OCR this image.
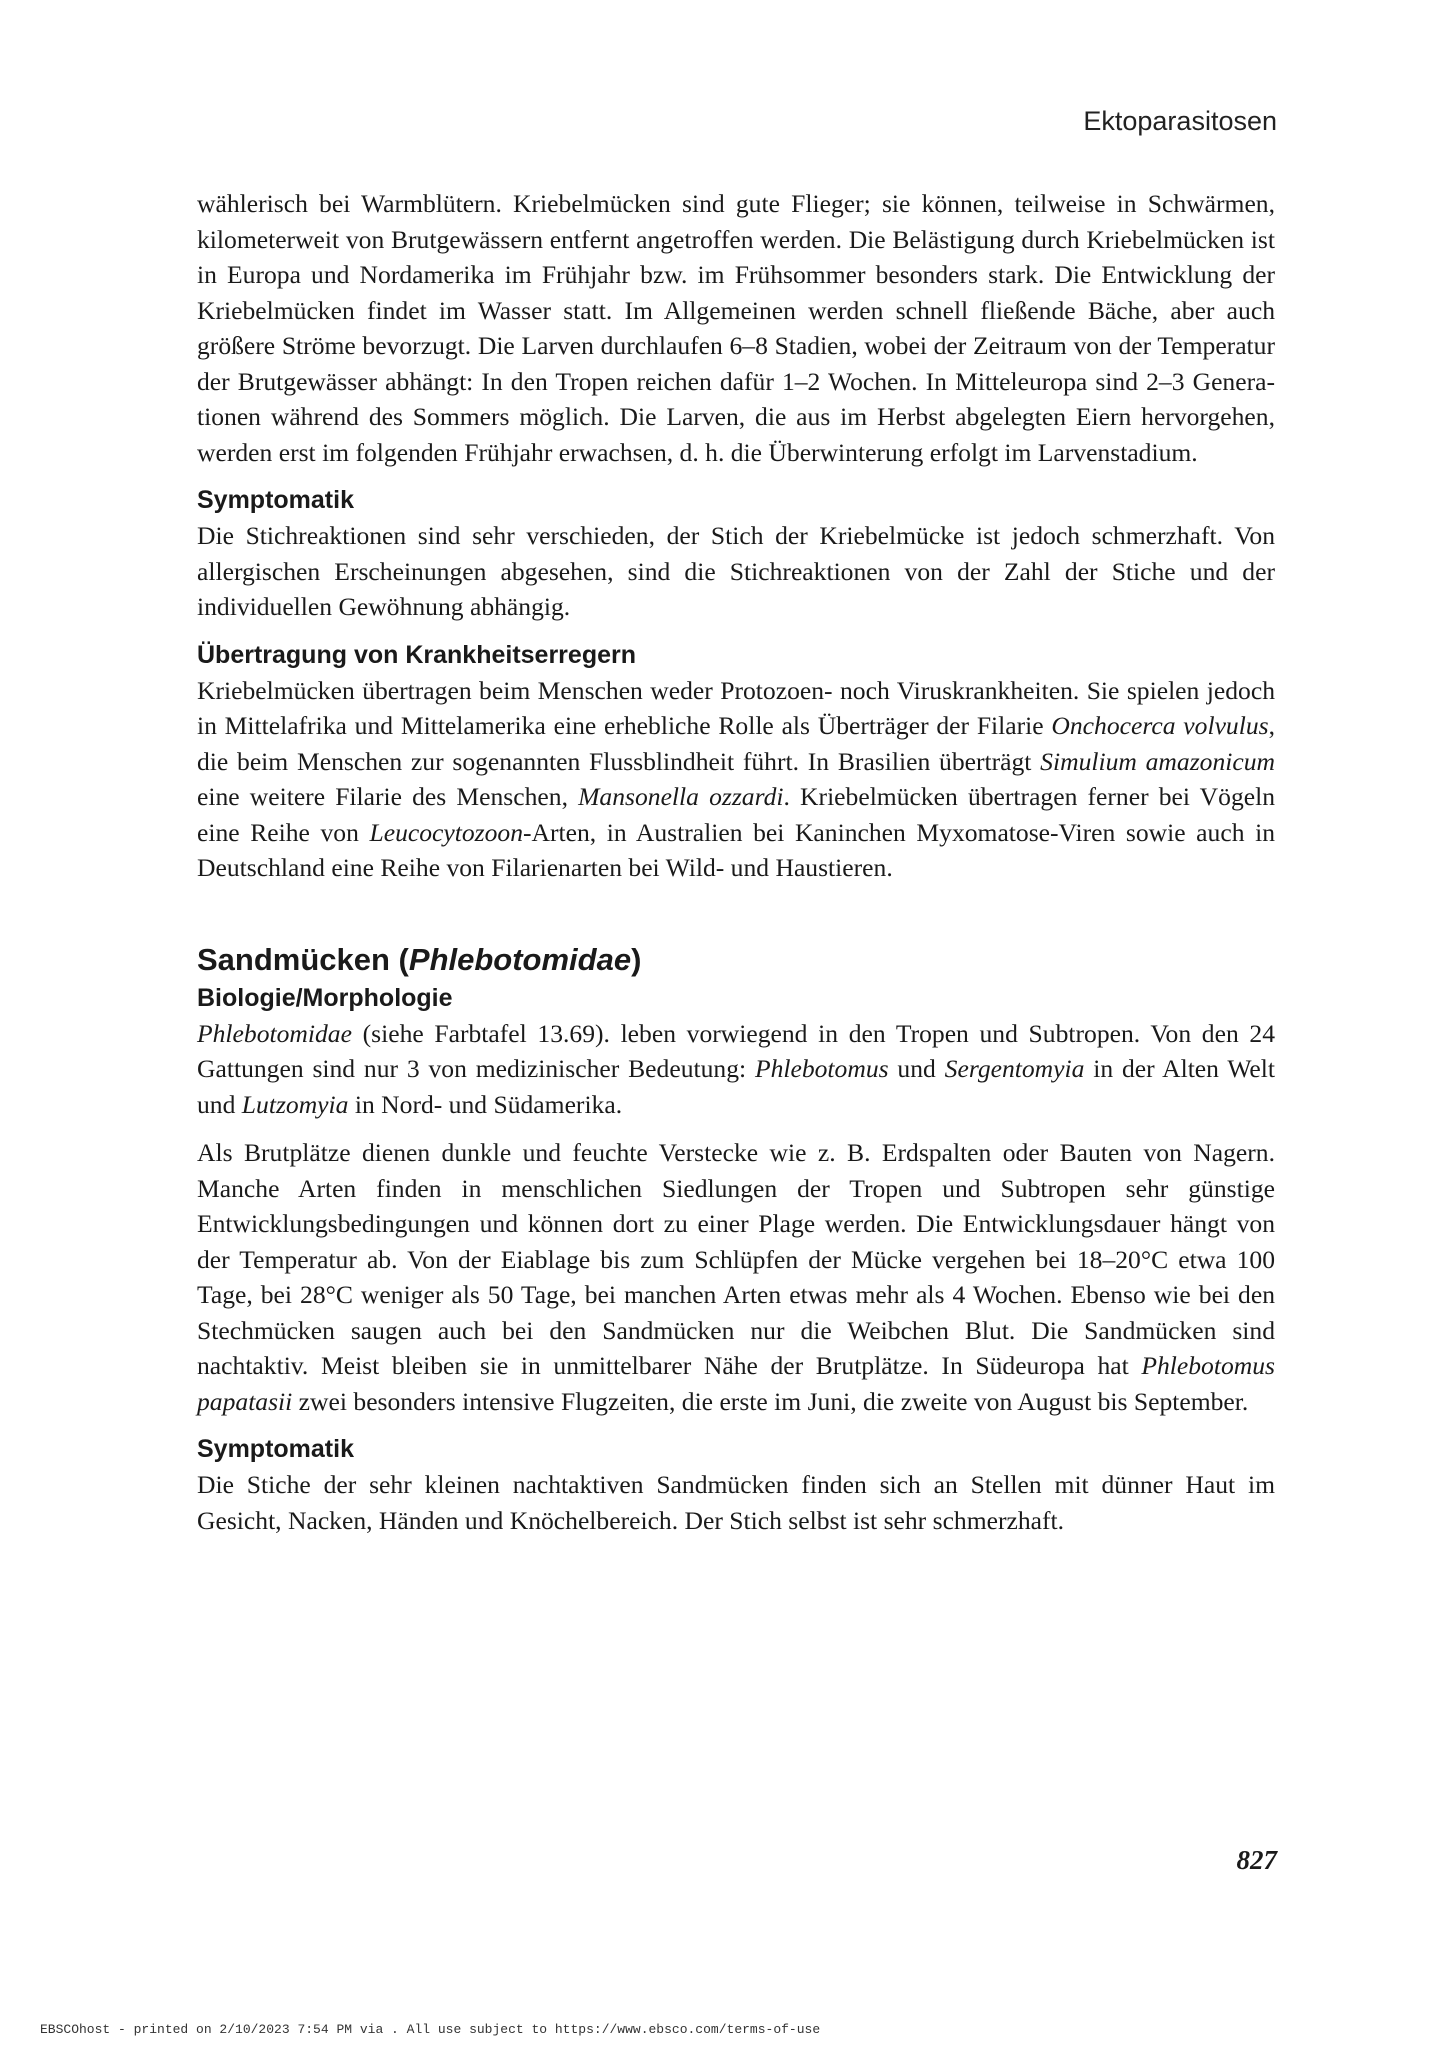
Ektoparasitosen

wählerisch bei Warmblütern. Kriebelmücken sind gute Flieger; sie können, teilweise in Schwärmen, kilometerweit von Brutgewässern entfernt angetroffen werden. Die Belästigung durch Kriebelmücken ist in Europa und Nordamerika im Frühjahr bzw. im Frühsommer besonders stark. Die Entwicklung der Kriebelmücken findet im Wasser statt. Im Allgemeinen werden schnell fließende Bäche, aber auch größere Ströme bevorzugt. Die Larven durchlaufen 6–8 Stadien, wobei der Zeitraum von der Temperatur der Brutgewässer abhängt: In den Tropen reichen dafür 1–2 Wochen. In Mitteleuropa sind 2–3 Generationen während des Sommers möglich. Die Larven, die aus im Herbst abgelegten Eiern hervorgehen, werden erst im folgenden Frühjahr erwachsen, d. h. die Überwinterung erfolgt im Larvenstadium.

Symptomatik

Die Stichreaktionen sind sehr verschieden, der Stich der Kriebelmücke ist jedoch schmerzhaft. Von allergischen Erscheinungen abgesehen, sind die Stichreaktionen von der Zahl der Stiche und der individuellen Gewöhnung abhängig.

Übertragung von Krankheitserregern

Kriebelmücken übertragen beim Menschen weder Protozoen- noch Viruskrankheiten. Sie spielen jedoch in Mittelafrika und Mittelamerika eine erhebliche Rolle als Überträger der Filarie Onchocerca volvulus, die beim Menschen zur sogenannten Flussblindheit führt. In Brasilien überträgt Simulium amazonicum eine weitere Filarie des Menschen, Mansonella ozzardi. Kriebelmücken übertragen ferner bei Vögeln eine Reihe von Leucocytozoon-Arten, in Australien bei Kaninchen Myxomatose-Viren sowie auch in Deutschland eine Reihe von Filarienarten bei Wild- und Haustieren.

Sandmücken (Phlebotomidae)
Biologie/Morphologie

Phlebotomidae (siehe Farbtafel 13.69). leben vorwiegend in den Tropen und Subtropen. Von den 24 Gattungen sind nur 3 von medizinischer Bedeutung: Phlebotomus und Sergentomyia in der Alten Welt und Lutzomyia in Nord- und Südamerika.

Als Brutplätze dienen dunkle und feuchte Verstecke wie z. B. Erdspalten oder Bauten von Nagern. Manche Arten finden in menschlichen Siedlungen der Tropen und Subtropen sehr günstige Entwicklungsbedingungen und können dort zu einer Plage werden. Die Entwicklungsdauer hängt von der Temperatur ab. Von der Eiablage bis zum Schlüpfen der Mücke vergehen bei 18–20°C etwa 100 Tage, bei 28°C weniger als 50 Tage, bei manchen Arten etwas mehr als 4 Wochen. Ebenso wie bei den Stechmücken saugen auch bei den Sandmücken nur die Weibchen Blut. Die Sandmücken sind nachtaktiv. Meist bleiben sie in unmittelbarer Nähe der Brutplätze. In Südeuropa hat Phlebotomus papatasii zwei besonders intensive Flugzeiten, die erste im Juni, die zweite von August bis September.

Symptomatik

Die Stiche der sehr kleinen nachtaktiven Sandmücken finden sich an Stellen mit dünner Haut im Gesicht, Nacken, Händen und Knöchelbereich. Der Stich selbst ist sehr schmerzhaft.

827
EBSCOhost - printed on 2/10/2023 7:54 PM via . All use subject to https://www.ebsco.com/terms-of-use
